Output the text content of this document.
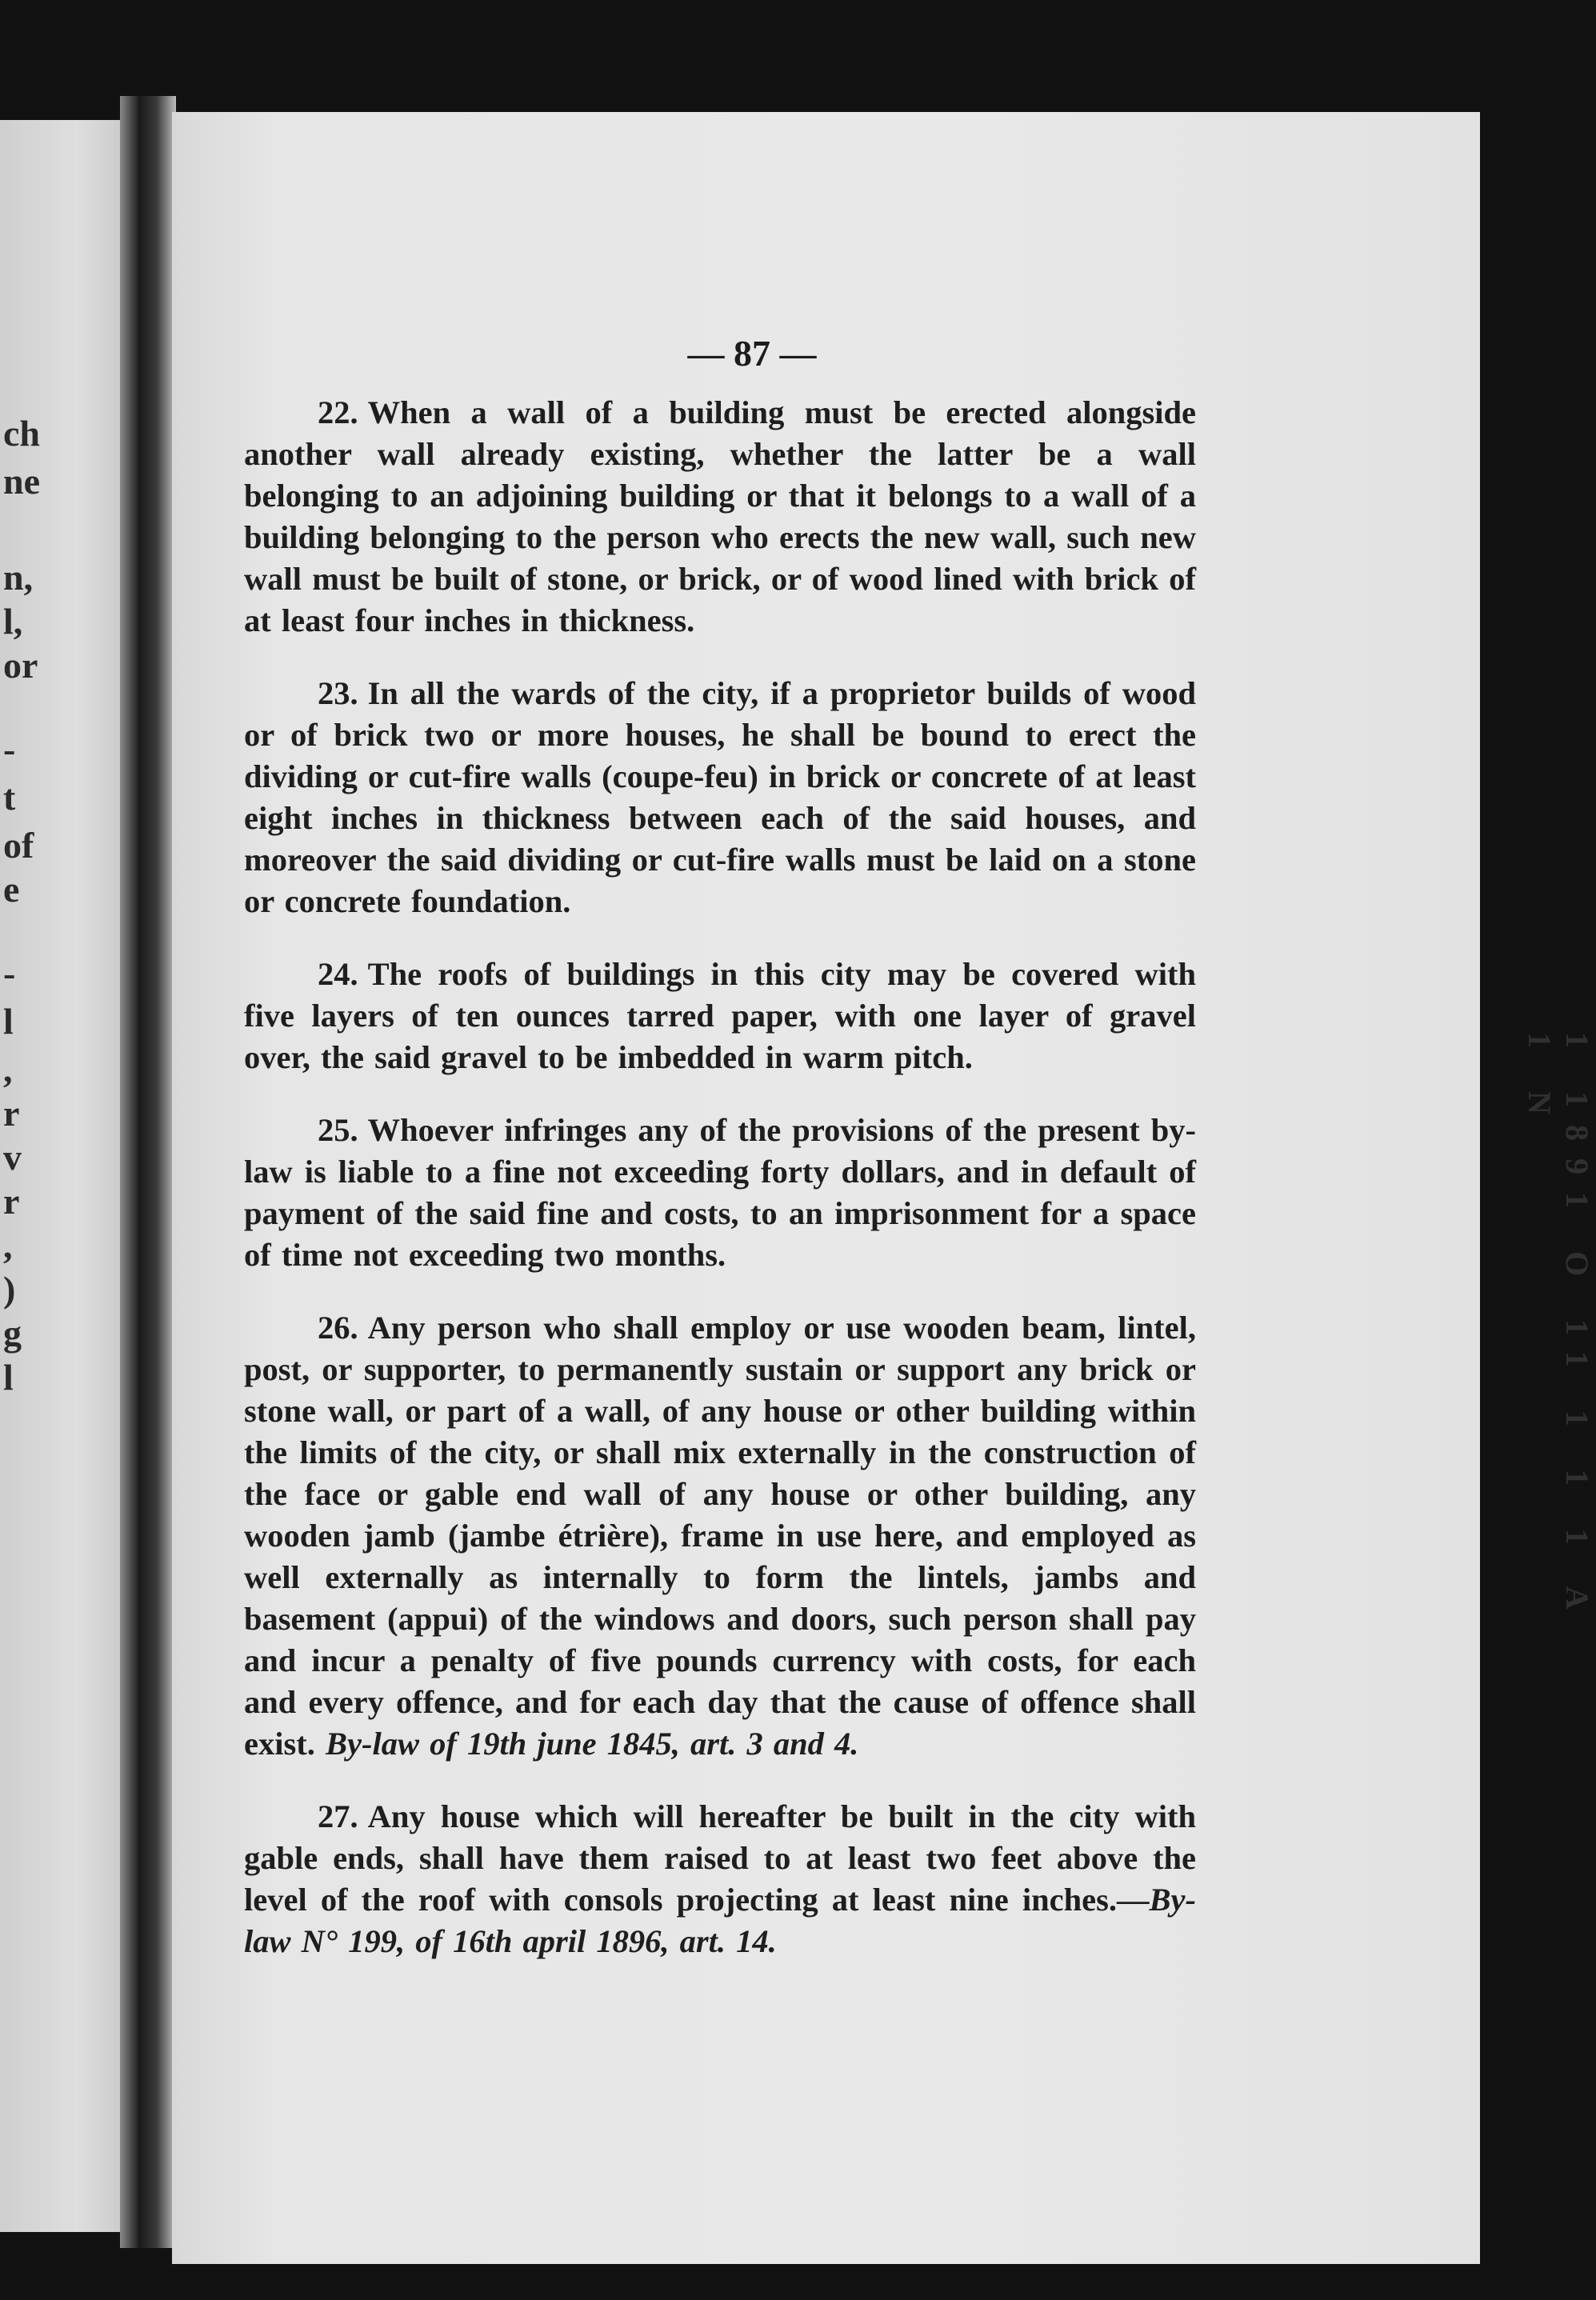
ch
ne
n,
l,
or
-
t
of
e
-
l
,
r
v
r
,
)
g
l	1 1891 O 11 1 1 1 A 1 N
— 87 —

22. When a wall of a building must be erected alongside another wall already existing, whether the latter be a wall belonging to an adjoining building or that it belongs to a wall of a building belonging to the person who erects the new wall, such new wall must be built of stone, or brick, or of wood lined with brick of at least four inches in thickness.

23. In all the wards of the city, if a proprietor builds of wood or of brick two or more houses, he shall be bound to erect the dividing or cut-fire walls (coupe-feu) in brick or concrete of at least eight inches in thickness between each of the said houses, and moreover the said dividing or cut-fire walls must be laid on a stone or concrete foundation.

24. The roofs of buildings in this city may be covered with five layers of ten ounces tarred paper, with one layer of gravel over, the said gravel to be imbedded in warm pitch.

25. Whoever infringes any of the provisions of the present by-law is liable to a fine not exceeding forty dollars, and in default of payment of the said fine and costs, to an imprisonment for a space of time not exceeding two months.

26. Any person who shall employ or use wooden beam, lintel, post, or supporter, to permanently sustain or support any brick or stone wall, or part of a wall, of any house or other building within the limits of the city, or shall mix externally in the construction of the face or gable end wall of any house or other building, any wooden jamb (jambe étrière), frame in use here, and employed as well externally as internally to form the lintels, jambs and basement (appui) of the windows and doors, such person shall pay and incur a penalty of five pounds currency with costs, for each and every offence, and for each day that the cause of offence shall exist. By-law of 19th june 1845, art. 3 and 4.

27. Any house which will hereafter be built in the city with gable ends, shall have them raised to at least two feet above the level of the roof with consols projecting at least nine inches.—By-law N° 199, of 16th april 1896, art. 14.
